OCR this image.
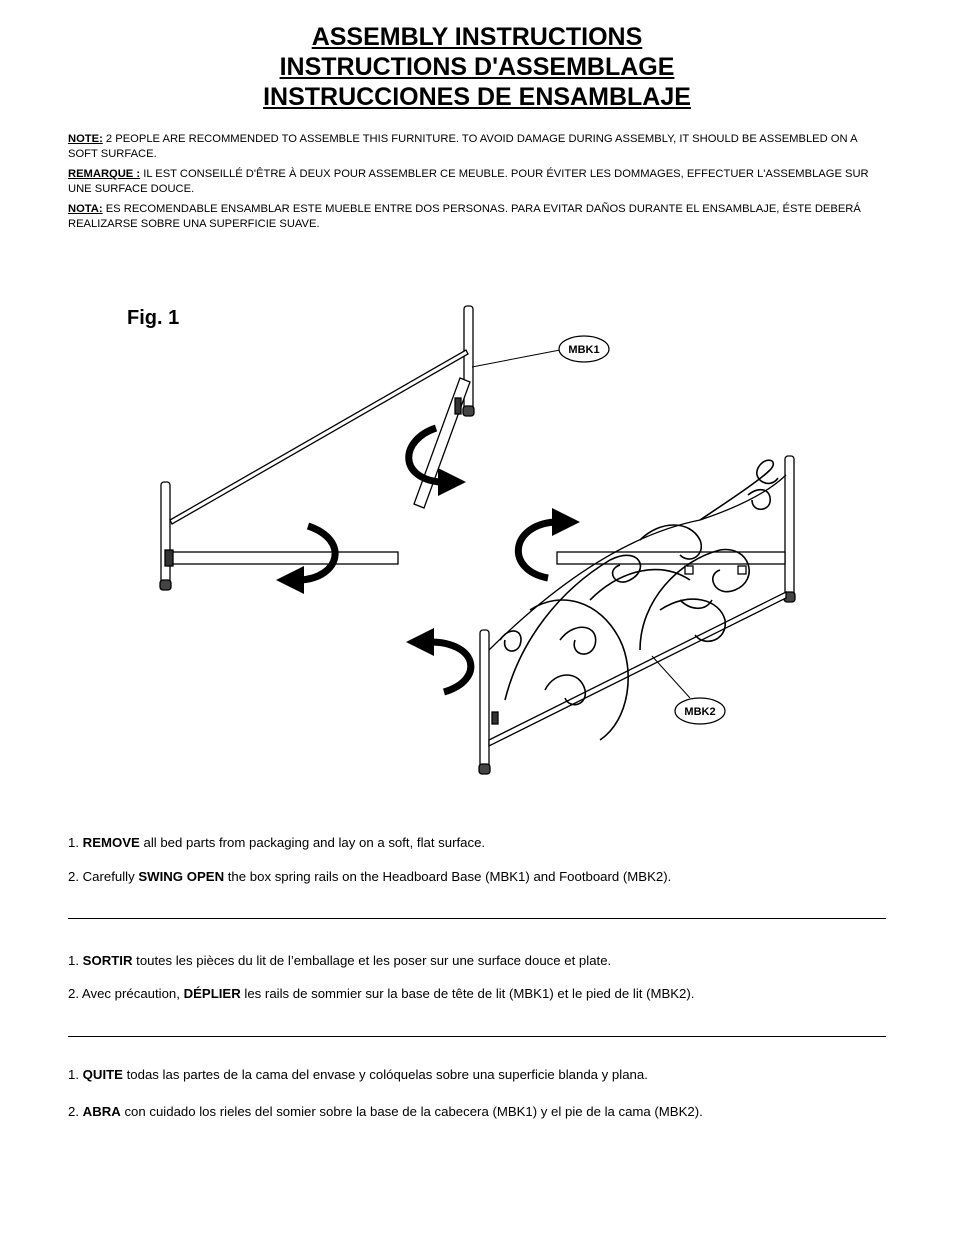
ASSEMBLY INSTRUCTIONS
INSTRUCTIONS D'ASSEMBLAGE
INSTRUCCIONES DE ENSAMBLAJE

NOTE: 2 PEOPLE ARE RECOMMENDED TO ASSEMBLE THIS FURNITURE. TO AVOID DAMAGE DURING ASSEMBLY, IT SHOULD BE ASSEMBLED ON A SOFT SURFACE.

REMARQUE : IL EST CONSEILLÉ D'ÊTRE À DEUX POUR ASSEMBLER CE MEUBLE. POUR ÉVITER LES DOMMAGES, EFFECTUER L'ASSEMBLAGE SUR UNE SURFACE DOUCE.

NOTA: ES RECOMENDABLE ENSAMBLAR ESTE MUEBLE ENTRE DOS PERSONAS. PARA EVITAR DAÑOS DURANTE EL ENSAMBLAJE, ÉSTE DEBERÁ REALIZARSE SOBRE UNA SUPERFICIE SUAVE.

Fig. 1
MBK1
MBK2
1. REMOVE all bed parts from packaging and lay on a soft, flat surface.
2. Carefully SWING OPEN the box spring rails on the Headboard Base (MBK1) and Footboard (MBK2).
1. SORTIR toutes les pièces du lit de l’emballage et les poser sur une surface douce et plate.
2. Avec précaution, DÉPLIER les rails de sommier sur la base de tête de lit (MBK1) et le pied de lit (MBK2).
1. QUITE todas las partes de la cama del envase y colóquelas sobre una superficie blanda y plana.
2. ABRA con cuidado los rieles del somier sobre la base de la cabecera (MBK1) y el pie de la cama (MBK2).
